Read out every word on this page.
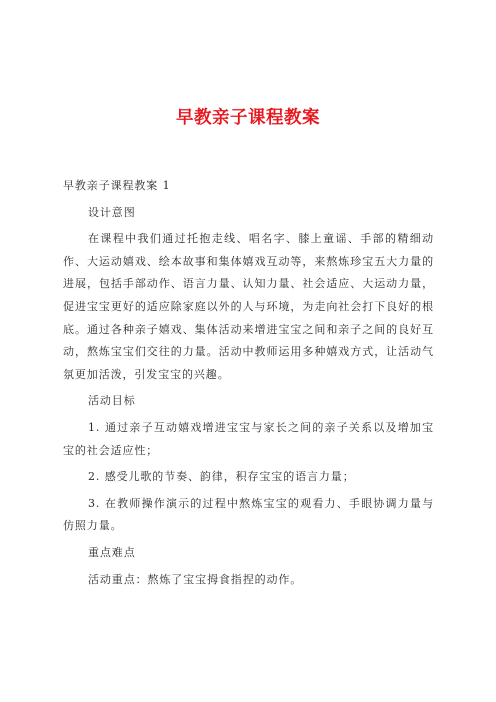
早教亲子课程教案

早教亲子课程教案 1

设计意图

在课程中我们通过托抱走线、唱名字、膝上童谣、手部的精细动作、大运动嬉戏、绘本故事和集体嬉戏互动等，来熬炼珍宝五大力量的进展，包括手部动作、语言力量、认知力量、社会适应、大运动力量，促进宝宝更好的适应除家庭以外的人与环境，为走向社会打下良好的根底。通过各种亲子嬉戏、集体活动来增进宝宝之间和亲子之间的良好互动，熬炼宝宝们交往的力量。活动中教师运用多种嬉戏方式，让活动气氛更加活泼，引发宝宝的兴趣。

活动目标

1. 通过亲子互动嬉戏增进宝宝与家长之间的亲子关系以及增加宝宝的社会适应性；

2. 感受儿歌的节奏、韵律，积存宝宝的语言力量；

3. 在教师操作演示的过程中熬炼宝宝的观看力、手眼协调力量与仿照力量。

重点难点

活动重点：熬炼了宝宝拇食指捏的动作。
